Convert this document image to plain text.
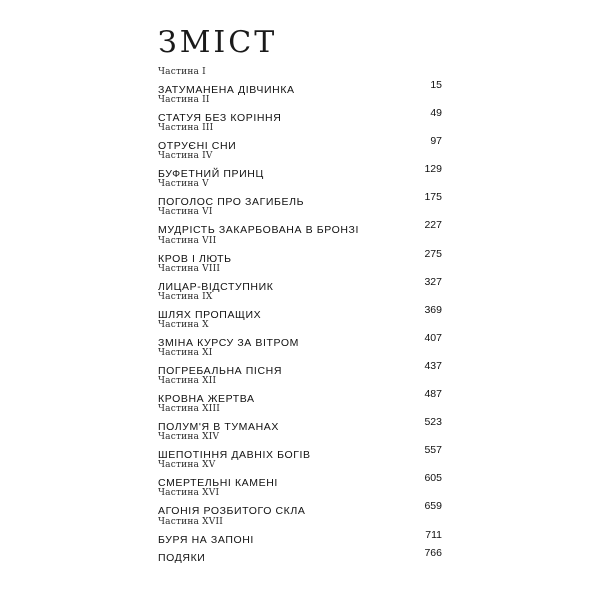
ЗМІСТ
Частина I
ЗАТУМАНЕНА ДІВЧИНКА	15
Частина II
СТАТУЯ БЕЗ КОРІННЯ	49
Частина III
ОТРУЄНІ СНИ	97
Частина IV
БУФЕТНИЙ ПРИНЦ	129
Частина V
ПОГОЛОС ПРО ЗАГИБЕЛЬ	175
Частина VI
МУДРІСТЬ ЗАКАРБОВАНА В БРОНЗІ	227
Частина VII
КРОВ І ЛЮТЬ	275
Частина VIII
ЛИЦАР-ВІДСТУПНИК	327
Частина IX
ШЛЯХ ПРОПАЩИХ	369
Частина X
ЗМІНА КУРСУ ЗА ВІТРОМ	407
Частина XI
ПОГРЕБАЛЬНА ПІСНЯ	437
Частина XII
КРОВНА ЖЕРТВА	487
Частина XIII
ПОЛУМ'Я В ТУМАНАХ	523
Частина XIV
ШЕПОТІННЯ ДАВНІХ БОГІВ	557
Частина XV
СМЕРТЕЛЬНІ КАМЕНІ	605
Частина XVI
АГОНІЯ РОЗБИТОГО СКЛА	659
Частина XVII
БУРЯ НА ЗАПОНІ	711
ПОДЯКИ	766
